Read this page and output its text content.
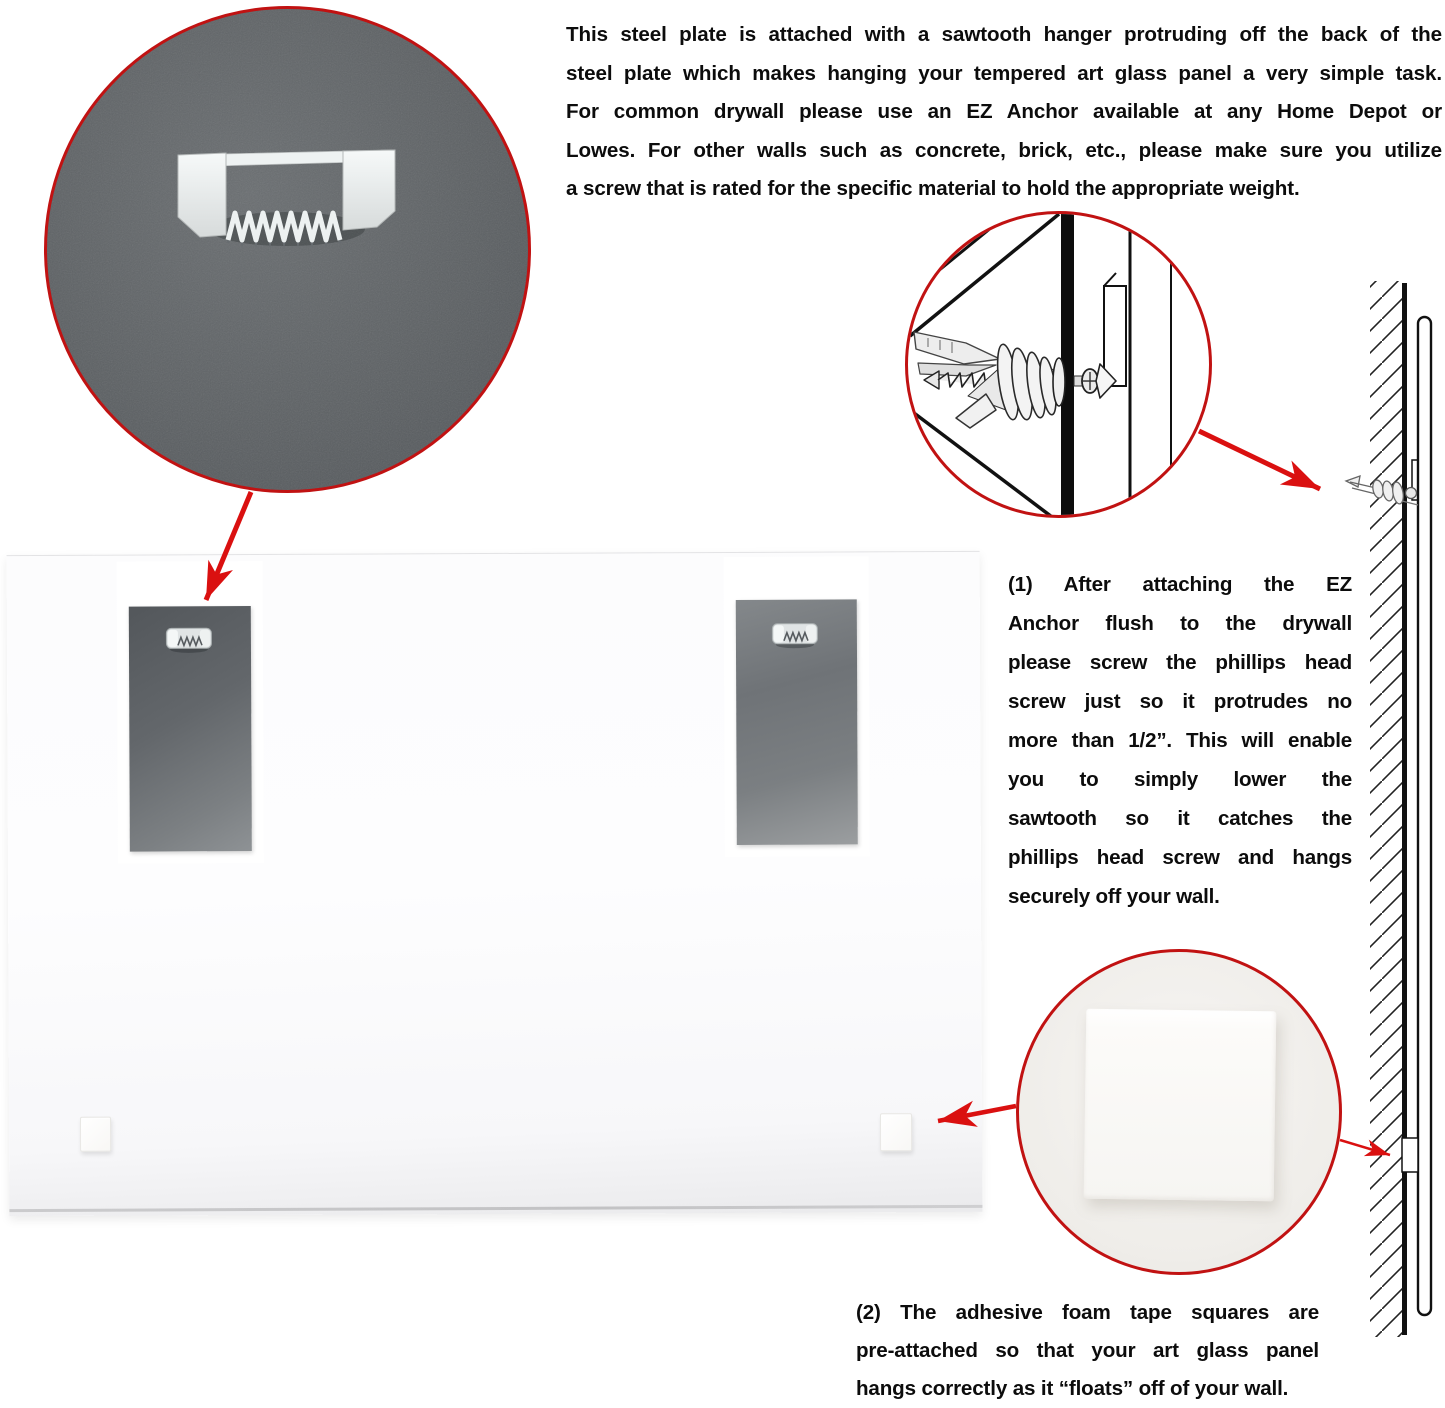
This steel plate is attached with a sawtooth hanger protruding off the back of the
steel plate which makes hanging your tempered art glass panel a very simple task.
For common drywall please use an EZ Anchor available at any Home Depot or
Lowes. For other walls such as concrete, brick, etc., please make sure you utilize
a screw that is rated for the specific material to hold the appropriate weight.
(1) After attaching the EZ
Anchor flush to the drywall
please screw the phillips head
screw just so it protrudes no
more than 1/2”. This will enable
you to simply lower the
sawtooth so it catches the
phillips head screw and hangs
securely off your wall.
(2) The adhesive foam tape squares are
pre-attached so that your art glass panel
hangs correctly as it “floats” off of your wall.
